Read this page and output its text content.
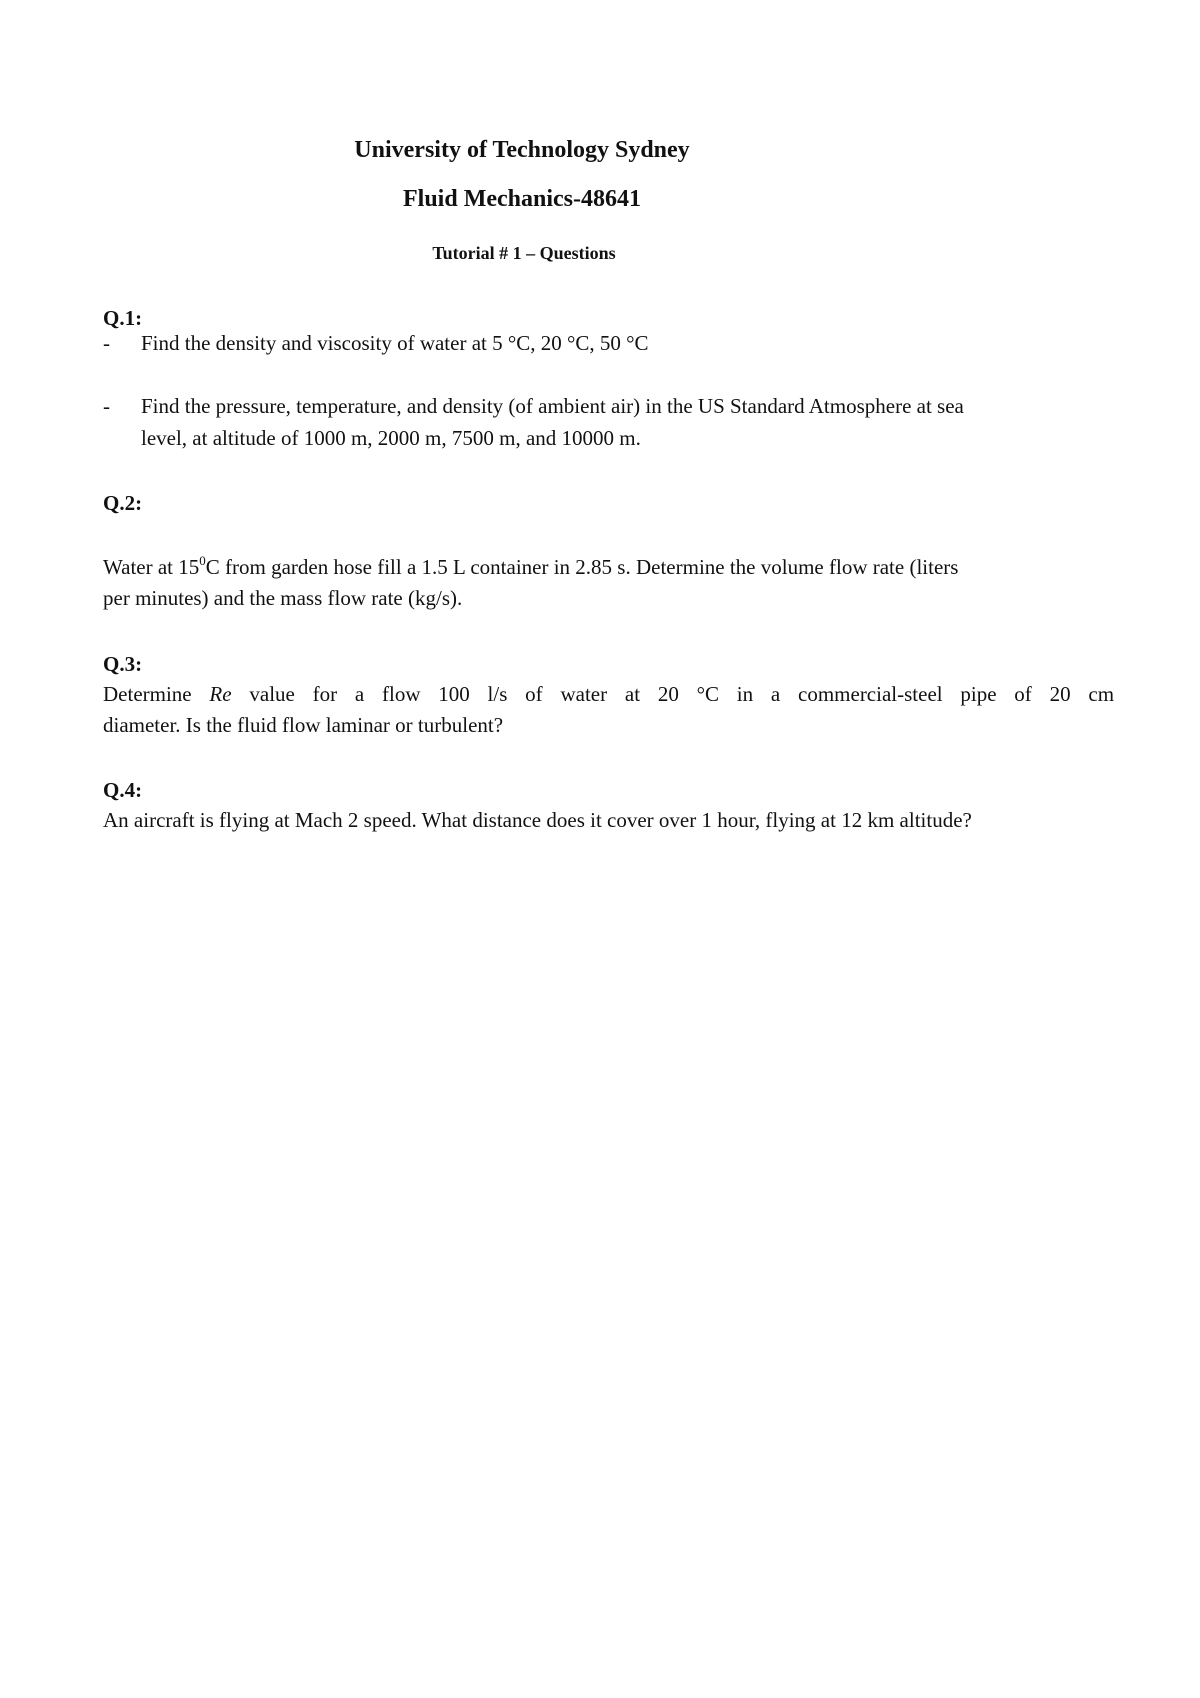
University of Technology Sydney
Fluid Mechanics-48641
Tutorial # 1 – Questions
Q.1:
- Find the density and viscosity of water at 5 °C, 20 °C, 50 °C
- Find the pressure, temperature, and density (of ambient air) in the US Standard Atmosphere at sea
level, at altitude of 1000 m, 2000 m, 7500 m, and 10000 m.
Q.2:
Water at $15^0C$ from garden hose fill a 1.5 L container in 2.85 s. Determine the volume flow rate (liters
per minutes) and the mass flow rate (kg/s).
Q.3:
Determine Re value for a flow 100 l/s of water at 20 °C in a commercial-steel pipe of 20 cm
diameter. Is the fluid flow laminar or turbulent?
Q.4:
An aircraft is flying at Mach 2 speed. What distance does it cover over 1 hour, flying at 12 km altitude?
